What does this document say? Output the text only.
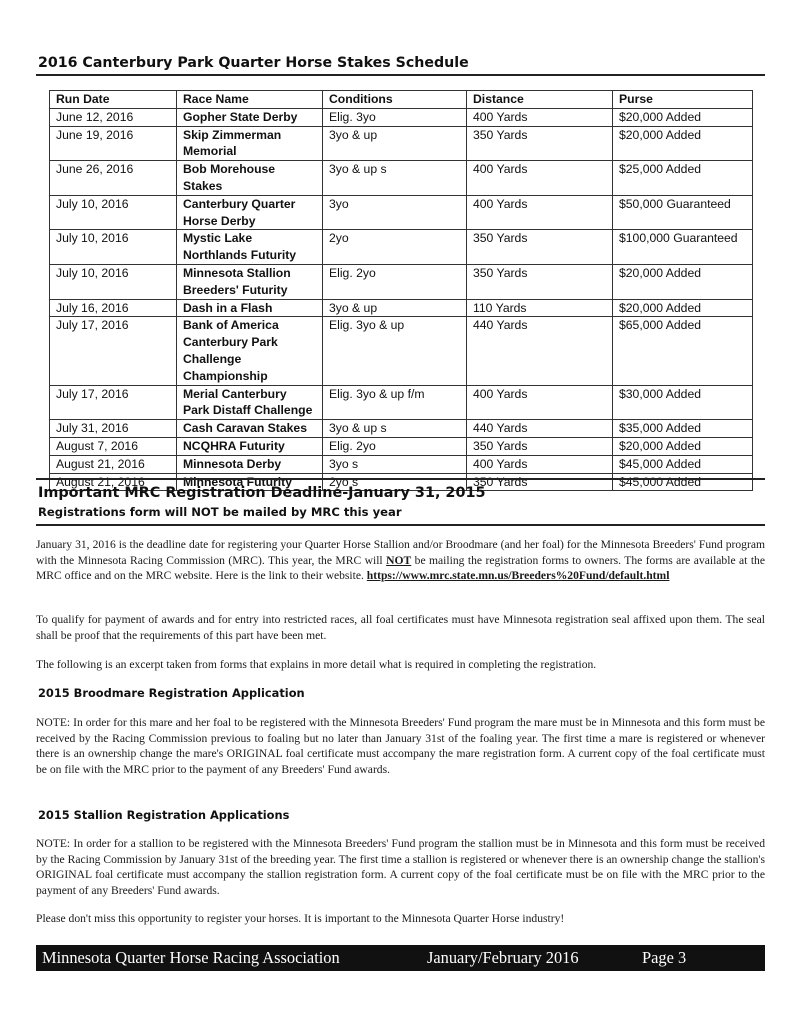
2016 Canterbury Park Quarter Horse Stakes Schedule
Run Date	Race Name	Conditions	Distance	Purse
June 12, 2016	Gopher State Derby	Elig. 3yo	400 Yards	$20,000 Added
June 19, 2016	Skip Zimmerman Memorial	3yo & up	350 Yards	$20,000 Added
June 26, 2016	Bob Morehouse Stakes	3yo & up s	400 Yards	$25,000 Added
July 10, 2016	Canterbury Quarter Horse Derby	3yo	400 Yards	$50,000 Guaranteed
July 10, 2016	Mystic Lake Northlands Futurity	2yo	350 Yards	$100,000 Guaranteed
July 10, 2016	Minnesota Stallion Breeders' Futurity	Elig. 2yo	350 Yards	$20,000 Added
July 16, 2016	Dash in a Flash	3yo & up	110 Yards	$20,000 Added
July 17, 2016	Bank of America Canterbury Park Challenge Championship	Elig. 3yo & up	440 Yards	$65,000 Added
July 17, 2016	Merial Canterbury Park Distaff Challenge	Elig. 3yo & up f/m	400 Yards	$30,000 Added
July 31, 2016	Cash Caravan Stakes	3yo & up s	440 Yards	$35,000 Added
August 7, 2016	NCQHRA Futurity	Elig. 2yo	350 Yards	$20,000 Added
August 21, 2016	Minnesota Derby	3yo s	400 Yards	$45,000 Added
August 21, 2016	Minnesota Futurity	2yo s	350 Yards	$45,000 Added
Important MRC Registration Deadline-January 31, 2015
Registrations form will NOT be mailed by MRC this year

January 31, 2016 is the deadline date for registering your Quarter Horse Stallion and/or Broodmare (and her foal) for the Minnesota Breeders' Fund program with the Minnesota Racing Commission (MRC). This year, the MRC will NOT be mailing the registration forms to owners. The forms are available at the MRC office and on the MRC website. Here is the link to their website. https://www.mrc.state.mn.us/Breeders%20Fund/default.html

To qualify for payment of awards and for entry into restricted races, all foal certificates must have Minnesota registration seal affixed upon them. The seal shall be proof that the requirements of this part have been met.

The following is an excerpt taken from forms that explains in more detail what is required in completing the registration.

2015 Broodmare Registration Application

NOTE: In order for this mare and her foal to be registered with the Minnesota Breeders' Fund program the mare must be in Minnesota and this form must be received by the Racing Commission previous to foaling but no later than January 31st of the foaling year. The first time a mare is registered or whenever there is an ownership change the mare's ORIGINAL foal certificate must accompany the mare registration form. A current copy of the foal certificate must be on file with the MRC prior to the payment of any Breeders' Fund awards.

2015 Stallion Registration Applications

NOTE: In order for a stallion to be registered with the Minnesota Breeders' Fund program the stallion must be in Minnesota and this form must be received by the Racing Commission by January 31st of the breeding year. The first time a stallion is registered or whenever there is an ownership change the stallion's ORIGINAL foal certificate must accompany the stallion registration form. A current copy of the foal certificate must be on file with the MRC prior to the payment of any Breeders' Fund awards.

Please don't miss this opportunity to register your horses. It is important to the Minnesota Quarter Horse industry!

Minnesota Quarter Horse Racing Association	January/February 2016	Page 3
